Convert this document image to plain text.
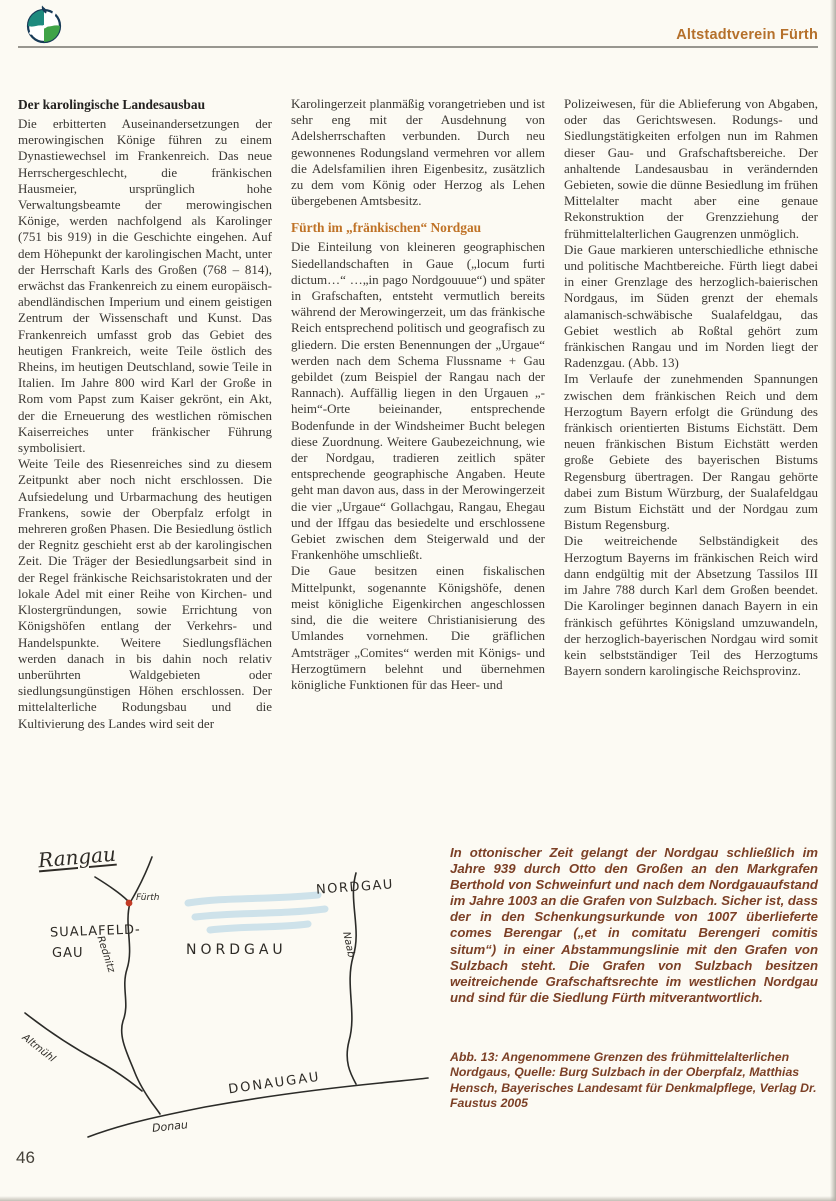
Altstadtverein Fürth
Der karolingische Landesausbau

Die erbitterten Auseinandersetzungen der merowingischen Könige führen zu einem Dynastiewechsel im Frankenreich. Das neue Herrschergeschlecht, die fränkischen Hausmeier, ursprünglich hohe Verwaltungsbeamte der merowingischen Könige, werden nachfolgend als Karolinger (751 bis 919) in die Geschichte eingehen. Auf dem Höhepunkt der karolingischen Macht, unter der Herrschaft Karls des Großen (768 – 814), erwächst das Frankenreich zu einem europäisch-abendländischen Imperium und einem geistigen Zentrum der Wissenschaft und Kunst. Das Frankenreich umfasst grob das Gebiet des heutigen Frankreich, weite Teile östlich des Rheins, im heutigen Deutschland, sowie Teile in Italien. Im Jahre 800 wird Karl der Große in Rom vom Papst zum Kaiser gekrönt, ein Akt, der die Erneuerung des westlichen römischen Kaiserreiches unter fränkischer Führung symbolisiert.

Weite Teile des Riesenreiches sind zu diesem Zeitpunkt aber noch nicht erschlossen. Die Aufsiedelung und Urbarmachung des heutigen Frankens, sowie der Oberpfalz erfolgt in mehreren großen Phasen. Die Besiedlung östlich der Regnitz geschieht erst ab der karolingischen Zeit. Die Träger der Besiedlungsarbeit sind in der Regel fränkische Reichsaristokraten und der lokale Adel mit einer Reihe von Kirchen- und Klostergründungen, sowie Errichtung von Königshöfen entlang der Verkehrs- und Handelspunkte. Weitere Siedlungsflächen werden danach in bis dahin noch relativ unberührten Waldgebieten oder siedlungsungünstigen Höhen erschlossen. Der mittelalterliche Rodungsbau und die Kultivierung des Landes wird seit der

Karolingerzeit planmäßig vorangetrieben und ist sehr eng mit der Ausdehnung von Adelsherrschaften verbunden. Durch neu gewonnenes Rodungsland vermehren vor allem die Adelsfamilien ihren Eigenbesitz, zusätzlich zu dem vom König oder Herzog als Lehen übergebenen Amtsbesitz.

Fürth im „fränkischen“ Nordgau

Die Einteilung von kleineren geographischen Siedellandschaften in Gaue („locum furti dictum…“ …„in pago Nordgouuue“) und später in Grafschaften, entsteht vermutlich bereits während der Merowingerzeit, um das fränkische Reich entsprechend politisch und geografisch zu gliedern. Die ersten Benennungen der „Urgaue“ werden nach dem Schema Flussname + Gau gebildet (zum Beispiel der Rangau nach der Rannach). Auffällig liegen in den Urgauen „-heim“-Orte beieinander, entsprechende Bodenfunde in der Windsheimer Bucht belegen diese Zuordnung. Weitere Gaubezeichnung, wie der Nordgau, tradieren zeitlich später entsprechende geographische Angaben. Heute geht man davon aus, dass in der Merowingerzeit die vier „Urgaue“ Gollachgau, Rangau, Ehegau und der Iffgau das besiedelte und erschlossene Gebiet zwischen dem Steigerwald und der Frankenhöhe umschließt.

Die Gaue besitzen einen fiskalischen Mittelpunkt, sogenannte Königshöfe, denen meist königliche Eigenkirchen angeschlossen sind, die die weitere Christianisierung des Umlandes vornehmen. Die gräflichen Amtsträger „Comites“ werden mit Königs- und Herzogtümern belehnt und übernehmen königliche Funktionen für das Heer- und

Polizeiwesen, für die Ablieferung von Abgaben, oder das Gerichtswesen. Rodungs- und Siedlungstätigkeiten erfolgen nun im Rahmen dieser Gau- und Grafschaftsbereiche. Der anhaltende Landesausbau in verändernden Gebieten, sowie die dünne Besiedlung im frühen Mittelalter macht aber eine genaue Rekonstruktion der Grenzziehung der frühmittelalterlichen Gaugrenzen unmöglich.

Die Gaue markieren unterschiedliche ethnische und politische Machtbereiche. Fürth liegt dabei in einer Grenzlage des herzoglich-baierischen Nordgaus, im Süden grenzt der ehemals alamanisch-schwäbische Sualafeldgau, das Gebiet westlich ab Roßtal gehört zum fränkischen Rangau und im Norden liegt der Radenzgau. (Abb. 13)

Im Verlaufe der zunehmenden Spannungen zwischen dem fränkischen Reich und dem Herzogtum Bayern erfolgt die Gründung des fränkisch orientierten Bistums Eichstätt. Dem neuen fränkischen Bistum Eichstätt werden große Gebiete des bayerischen Bistums Regensburg übertragen. Der Rangau gehörte dabei zum Bistum Würzburg, der Sualafeldgau zum Bistum Eichstätt und der Nordgau zum Bistum Regensburg.

Die weitreichende Selbständigkeit des Herzogtum Bayerns im fränkischen Reich wird dann endgültig mit der Absetzung Tassilos III im Jahre 788 durch Karl dem Großen beendet. Die Karolinger beginnen danach Bayern in ein fränkisch geführtes Königsland umzuwandeln, der herzoglich-bayerischen Nordgau wird somit kein selbstständiger Teil des Herzogtums Bayern sondern karolingische Reichsprovinz.

Rangau
NORDGAU
Fürth
SUALAFELD-
GAU	NORDGAU
DONAUGAU
Rednitz
Altmühl
Donau
Naab

In ottonischer Zeit gelangt der Nordgau schließlich im Jahre 939 durch Otto den Großen an den Markgrafen Berthold von Schweinfurt und nach dem Nordgauaufstand im Jahre 1003 an die Grafen von Sulzbach. Sicher ist, dass der in den Schenkungsurkunde von 1007 überlieferte comes Berengar („et in comitatu Berengeri comitis situm“) in einer Abstammungslinie mit den Grafen von Sulzbach steht. Die Grafen von Sulzbach besitzen weitreichende Grafschaftsrechte im westlichen Nordgau und sind für die Siedlung Fürth mitverantwortlich.

Abb. 13: Angenommene Grenzen des frühmittelalterlichen Nordgaus, Quelle: Burg Sulzbach in der Oberpfalz, Matthias Hensch, Bayerisches Landesamt für Denkmalpflege, Verlag Dr. Faustus 2005

46
